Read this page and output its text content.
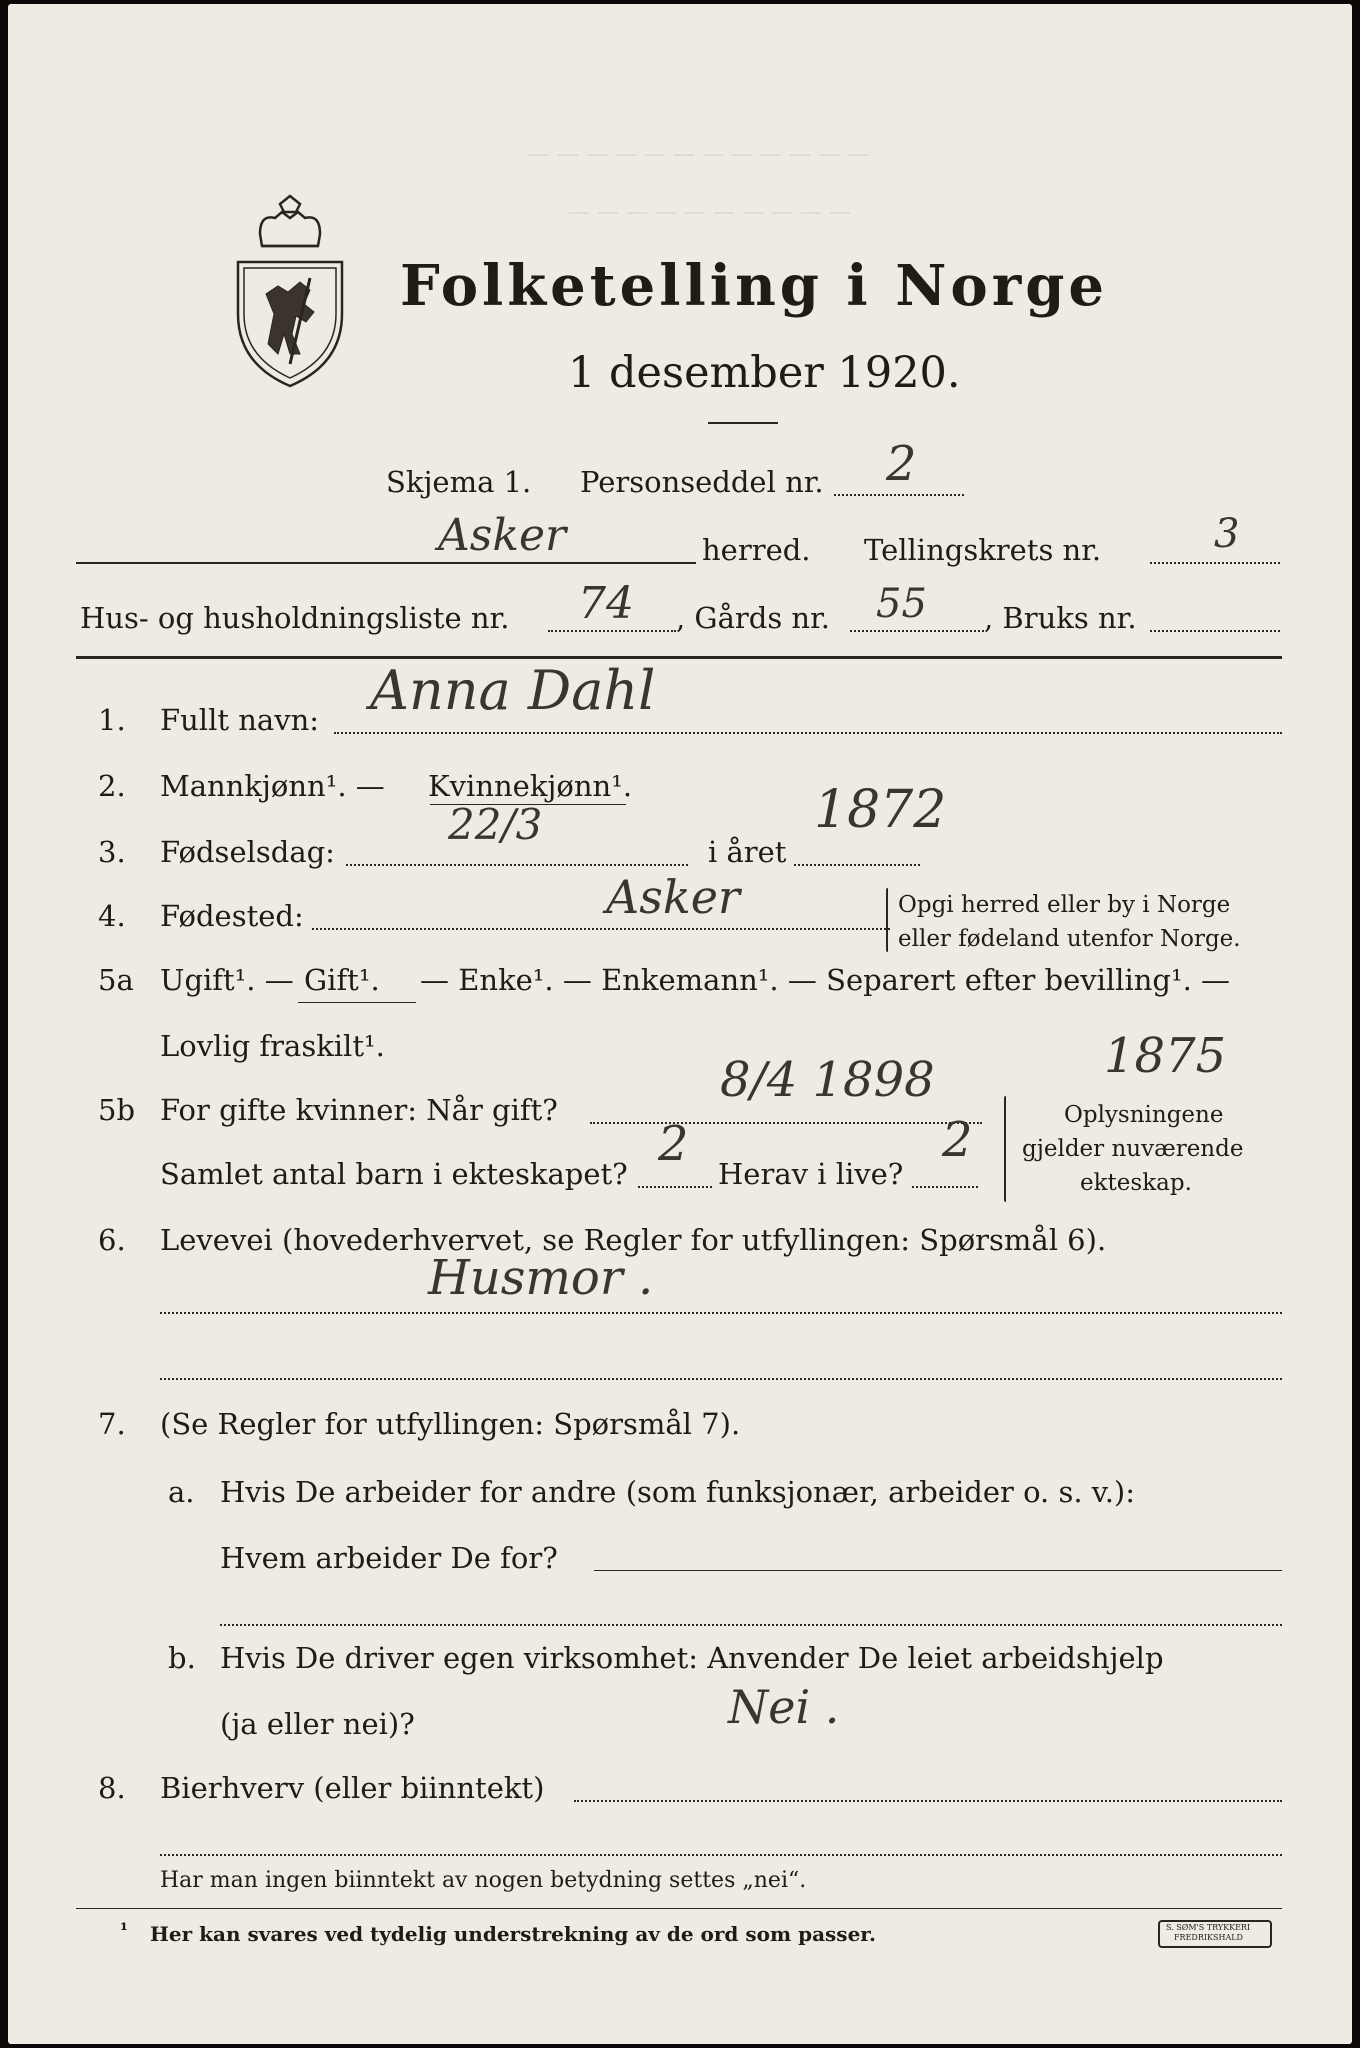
— — — — — — — — — — — —
— — — — — — — — — —
Folketelling i Norge
1 desember 1920.
Skjema 1. Personseddel nr. 2
Asker	herred. Tellingskrets nr.	3
Hus- og husholdningsliste nr. 74 , Gårds nr. 55 , Bruks nr.
1. Fullt navn: Anna Dahl
2. Mannkjønn¹. — Kvinnekjønn¹.
3. Fødselsdag:
22/3
i året
1872
4. Fødested:	Asker	Opgi herred eller by i Norge
eller fødeland utenfor Norge.
5a Ugift¹. — Gift¹. — Enke¹. — Enkemann¹. — Separert efter bevilling¹. —
Lovlig fraskilt¹.
5b For gifte kvinner: Når gift?
8/4 1898	1875
Samlet antal barn i ekteskapet?
2
Herav i live?
2	Oplysningene
gjelder nuværende
ekteskap.
6. Levevei (hovederhvervet, se Regler for utfyllingen: Spørsmål 6).
Husmor .
7. (Se Regler for utfyllingen: Spørsmål 7).
a. Hvis De arbeider for andre (som funksjonær, arbeider o. s. v.):
Hvem arbeider De for?
b. Hvis De driver egen virksomhet: Anvender De leiet arbeidshjelp
(ja eller nei)?	Nei .
8. Bierhverv (eller biinntekt)
Har man ingen biinntekt av nogen betydning settes „nei“.
¹ Her kan svares ved tydelig understrekning av de ord som passer.	S. SØM'S TRYKKERI
FREDRIKSHALD
